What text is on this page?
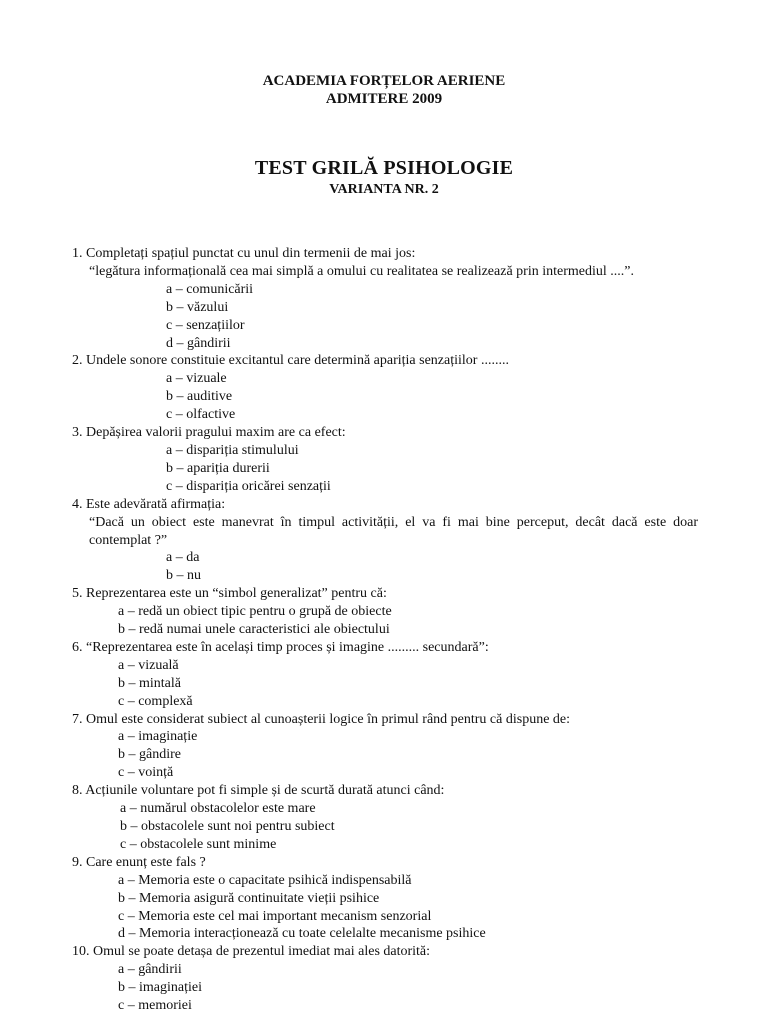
ACADEMIA FORȚELOR AERIENE
ADMITERE 2009
TEST GRILĂ PSIHOLOGIE
VARIANTA NR. 2
1. Completați spațiul punctat cu unul din termenii de mai jos:
“legătura informațională cea mai simplă a omului cu realitatea se realizează prin intermediul ....”.
a – comunicării
b – văzului
c – senzațiilor
d – gândirii
2. Undele sonore constituie excitantul care determină apariția senzațiilor ........
a – vizuale
b – auditive
c – olfactive
3. Depășirea valorii pragului maxim are ca efect:
a – dispariția stimulului
b – apariția durerii
c – dispariția oricărei senzații
4. Este adevărată afirmația:
“Dacă un obiect este manevrat în timpul activității, el va fi mai bine perceput, decât dacă este doar contemplat ?”
a – da
b – nu
5. Reprezentarea este un “simbol generalizat” pentru că:
a – redă un obiect tipic pentru o grupă de obiecte
b – redă numai unele caracteristici ale obiectului
6. “Reprezentarea este în același timp proces și imagine ......... secundară”:
a – vizuală
b – mintală
c – complexă
7. Omul este considerat subiect al cunoașterii logice în primul rând pentru că dispune de:
a – imaginație
b – gândire
c – voință
8. Acțiunile voluntare pot fi simple și de scurtă durată atunci când:
a – numărul obstacolelor este mare
b – obstacolele sunt noi pentru subiect
c – obstacolele sunt minime
9. Care enunț este fals ?
a – Memoria este o capacitate psihică indispensabilă
b – Memoria asigură continuitate vieții psihice
c – Memoria este cel mai important mecanism senzorial
d – Memoria interacționează cu toate celelalte mecanisme psihice
10. Omul se poate detașa de prezentul imediat mai ales datorită:
a – gândirii
b – imaginației
c – memoriei
